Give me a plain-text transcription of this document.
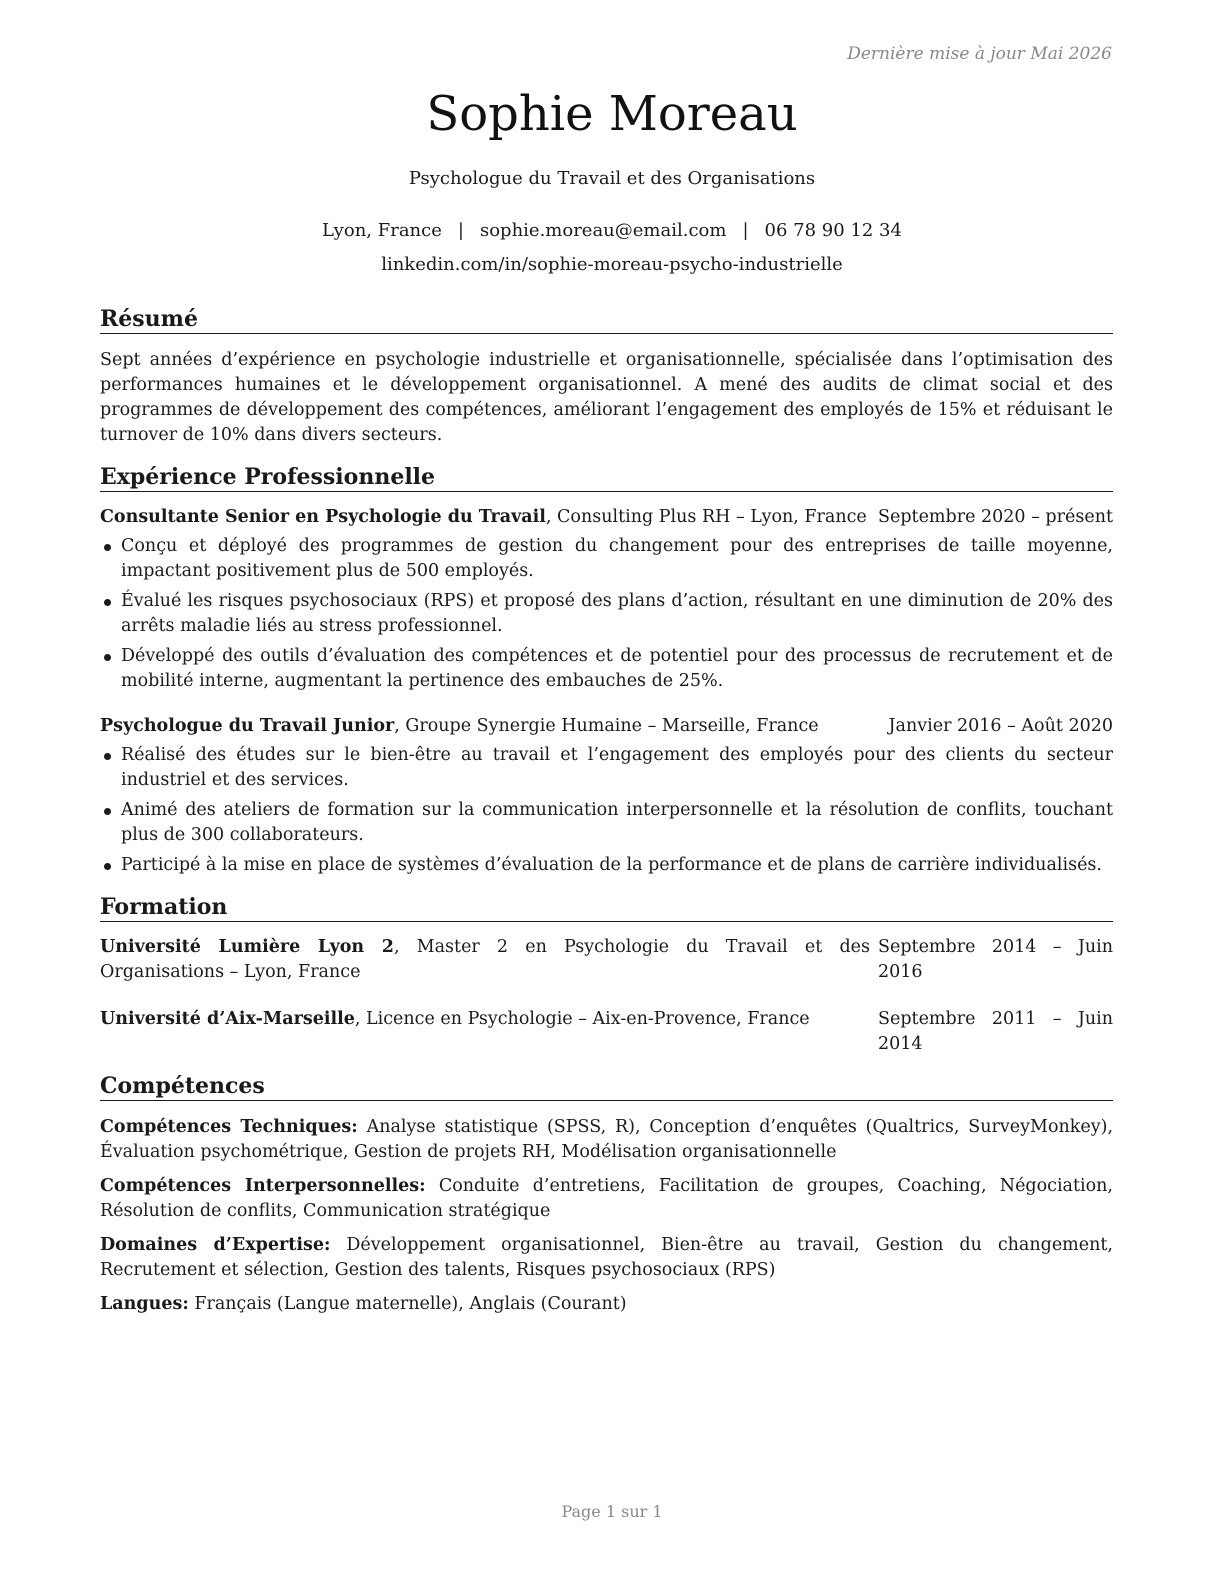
Dernière mise à jour Mai 2026
Sophie Moreau
Psychologue du Travail et des Organisations
Lyon, France | sophie.moreau@email.com | 06 78 90 12 34
linkedin.com/in/sophie-moreau-psycho-industrielle
Résumé

Sept années d’expérience en psychologie industrielle et organisationnelle, spécialisée dans l’optimisation des performances humaines et le développement organisationnel. A mené des audits de climat social et des programmes de développement des compétences, améliorant l’engagement des employés de 15% et réduisant le turnover de 10% dans divers secteurs.

Expérience Professionnelle
Consultante Senior en Psychologie du Travail, Consulting Plus RH – Lyon, France Septembre 2020 – présent
Conçu et déployé des programmes de gestion du changement pour des entreprises de taille moyenne, impactant positivement plus de 500 employés.
Évalué les risques psychosociaux (RPS) et proposé des plans d’action, résultant en une diminution de 20% des arrêts maladie liés au stress professionnel.
Développé des outils d’évaluation des compétences et de potentiel pour des processus de recrutement et de mobilité interne, augmentant la pertinence des embauches de 25%.
Psychologue du Travail Junior, Groupe Synergie Humaine – Marseille, France	Janvier 2016 – Août 2020
Réalisé des études sur le bien-être au travail et l’engagement des employés pour des clients du secteur industriel et des services.
Animé des ateliers de formation sur la communication interpersonnelle et la résolution de conflits, touchant plus de 300 collaborateurs.
Participé à la mise en place de systèmes d’évaluation de la performance et de plans de carrière individualisés.
Formation
Université Lumière Lyon 2, Master 2 en Psychologie du Travail et des Organisations – Lyon, France
Septembre 2014 – Juin 2016
Université d’Aix-Marseille, Licence en Psychologie – Aix-en-Provence, France	Septembre 2011 – Juin 2014
Compétences

Compétences Techniques: Analyse statistique (SPSS, R), Conception d’enquêtes (Qualtrics, SurveyMonkey), Évaluation psychométrique, Gestion de projets RH, Modélisation organisationnelle

Compétences Interpersonnelles: Conduite d’entretiens, Facilitation de groupes, Coaching, Négociation, Résolution de conflits, Communication stratégique

Domaines d’Expertise: Développement organisationnel, Bien-être au travail, Gestion du changement, Recrutement et sélection, Gestion des talents, Risques psychosociaux (RPS)

Langues: Français (Langue maternelle), Anglais (Courant)

Page 1 sur 1
